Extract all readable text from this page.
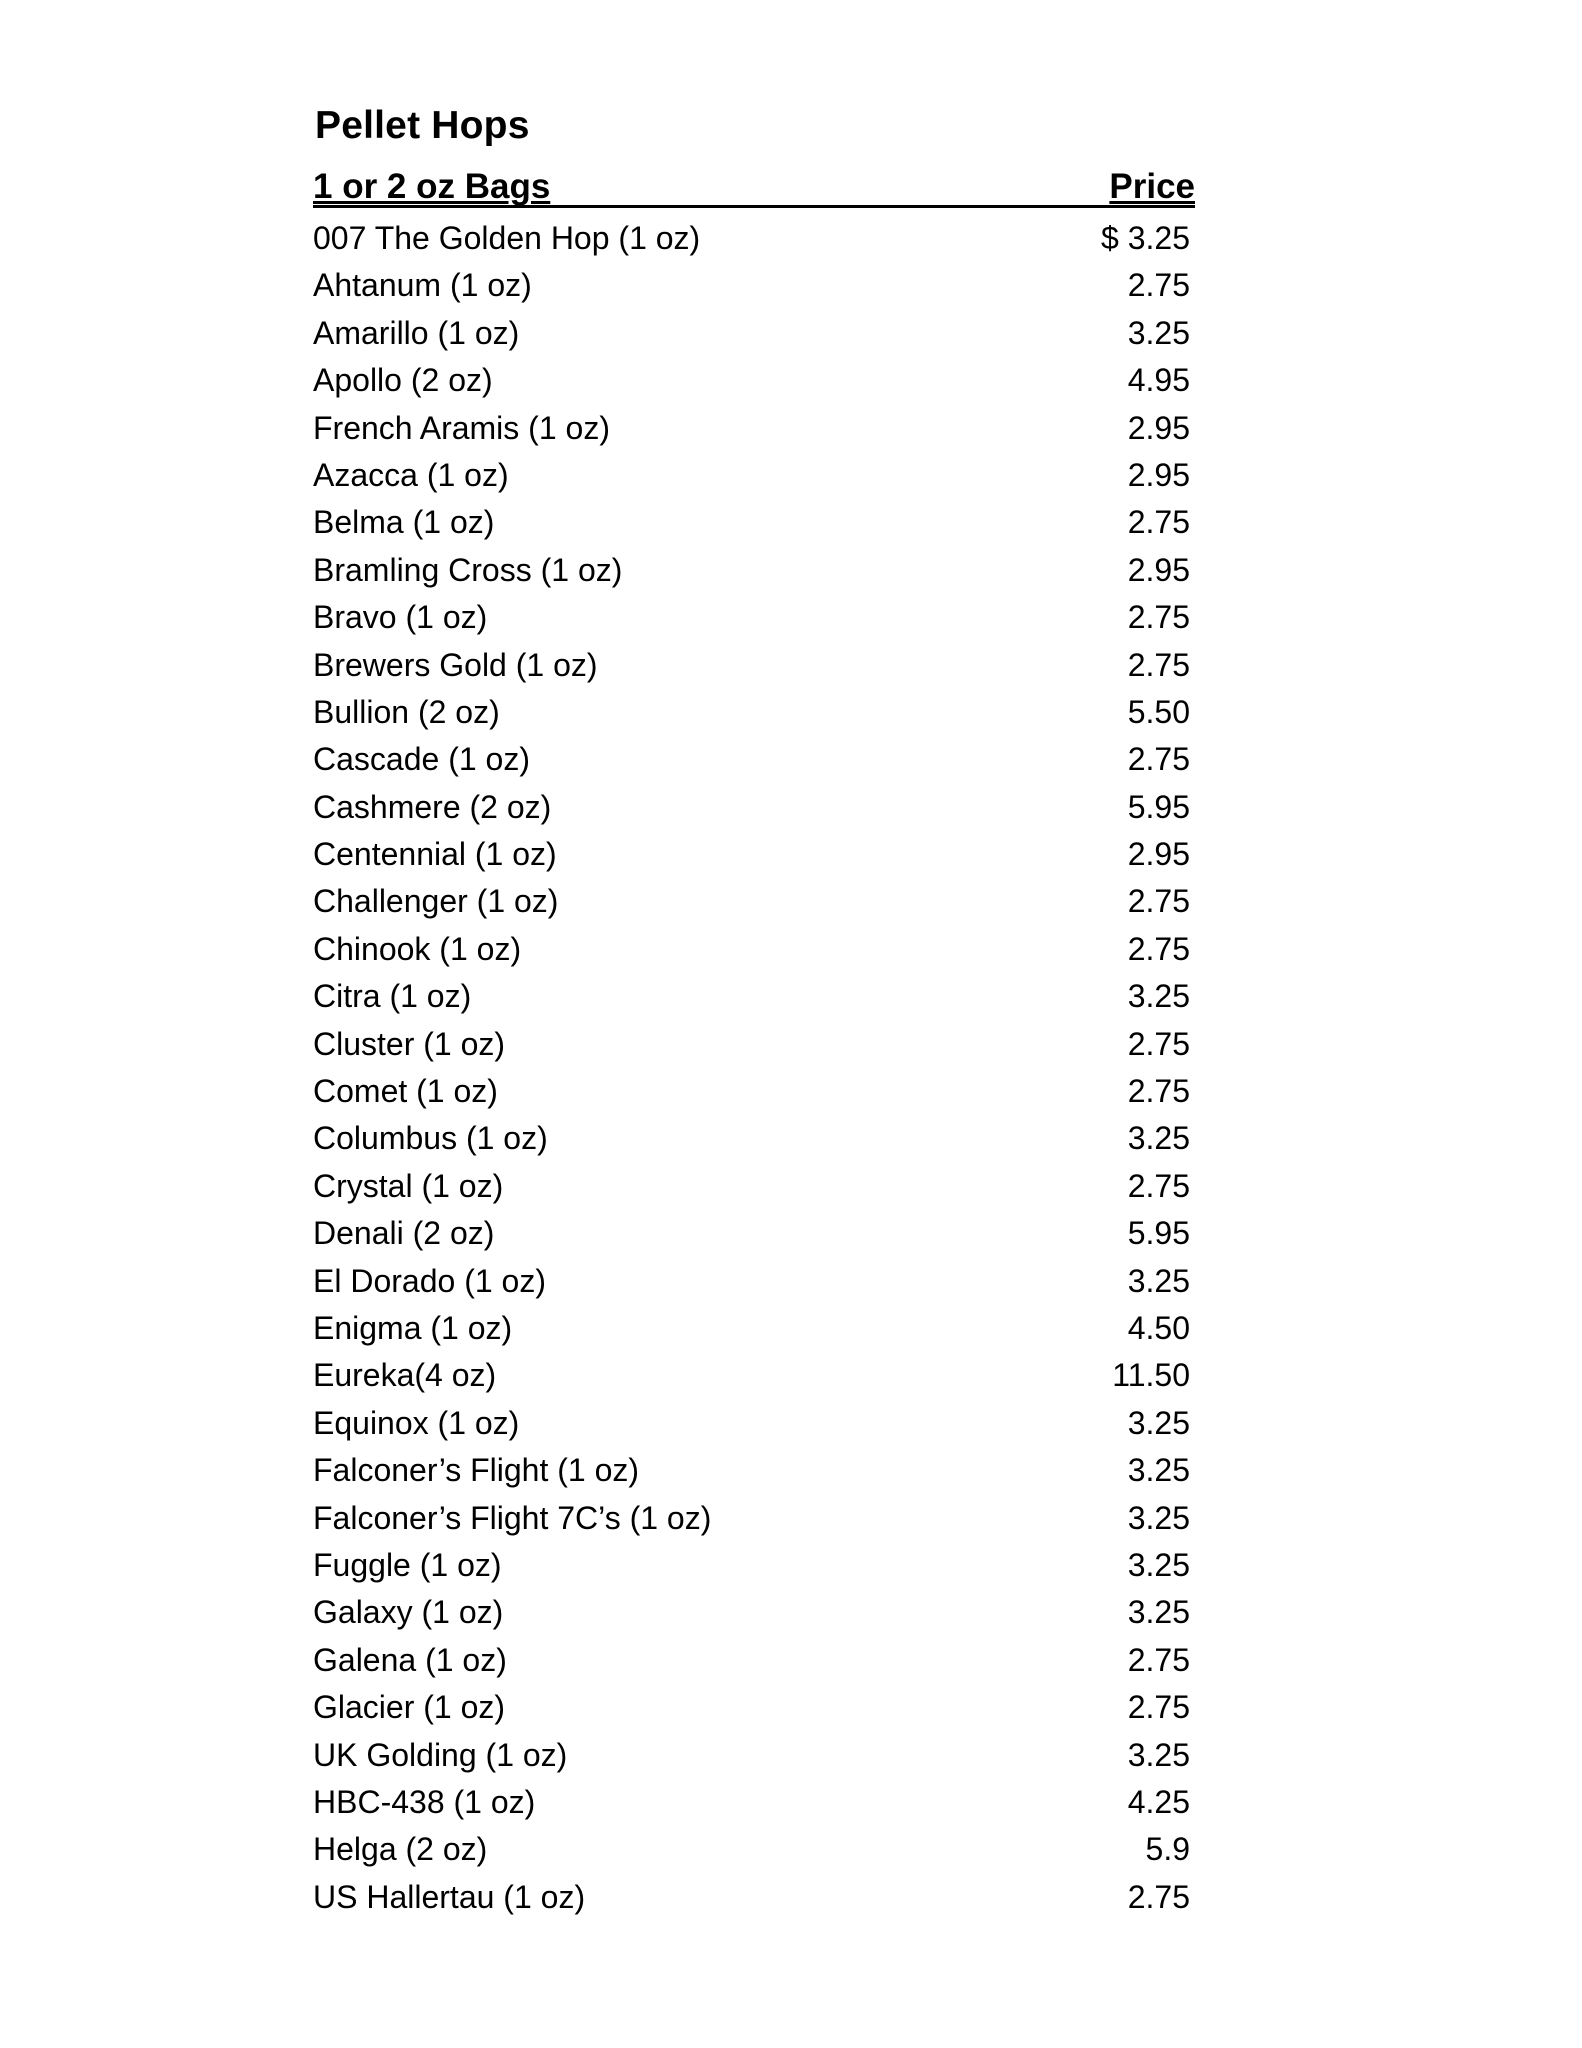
Pellet Hops
1 or 2 oz Bags	Price
007 The Golden Hop (1 oz)	$ 3.25
Ahtanum (1 oz)	2.75
Amarillo (1 oz)	3.25
Apollo (2 oz)	4.95
French Aramis (1 oz)	2.95
Azacca (1 oz)	2.95
Belma (1 oz)	2.75
Bramling Cross (1 oz)	2.95
Bravo (1 oz)	2.75
Brewers Gold (1 oz)	2.75
Bullion (2 oz)	5.50
Cascade (1 oz)	2.75
Cashmere (2 oz)	5.95
Centennial (1 oz)	2.95
Challenger (1 oz)	2.75
Chinook (1 oz)	2.75
Citra (1 oz)	3.25
Cluster (1 oz)	2.75
Comet (1 oz)	2.75
Columbus (1 oz)	3.25
Crystal (1 oz)	2.75
Denali (2 oz)	5.95
El Dorado (1 oz)	3.25
Enigma (1 oz)	4.50
Eureka(4 oz)	11.50
Equinox (1 oz)	3.25
Falconer’s Flight (1 oz)	3.25
Falconer’s Flight 7C’s (1 oz)	3.25
Fuggle (1 oz)	3.25
Galaxy (1 oz)	3.25
Galena (1 oz)	2.75
Glacier (1 oz)	2.75
UK Golding (1 oz)	3.25
HBC-438 (1 oz)	4.25
Helga (2 oz)	5.9
US Hallertau (1 oz)	2.75
